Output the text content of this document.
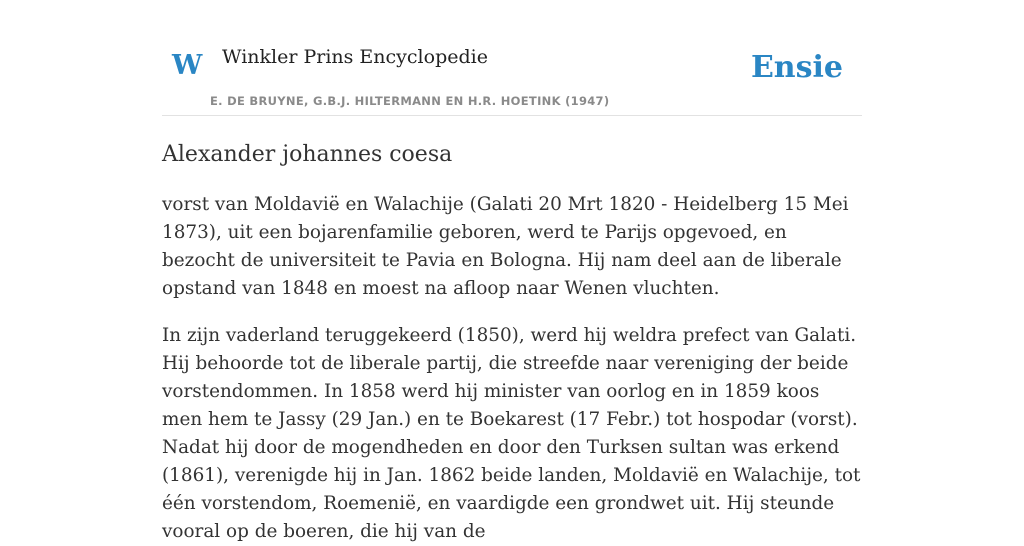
W Winkler Prins Encyclopedie
E. DE BRUYNE, G.B.J. HILTERMANN EN H.R. HOETINK (1947)
Ensie
Alexander johannes coesa

vorst van Moldavië en Walachije (Galati 20 Mrt 1820 - Heidelberg 15 Mei 1873), uit een bojarenfamilie geboren, werd te Parijs opgevoed, en bezocht de universiteit te Pavia en Bologna. Hij nam deel aan de liberale opstand van 1848 en moest na afloop naar Wenen vluchten.

In zijn vaderland teruggekeerd (1850), werd hij weldra prefect van Galati. Hij behoorde tot de liberale partij, die streefde naar vereniging der beide vorstendommen. In 1858 werd hij minister van oorlog en in 1859 koos men hem te Jassy (29 Jan.) en te Boekarest (17 Febr.) tot hospodar (vorst). Nadat hij door de mogendheden en door den Turksen sultan was erkend (1861), verenigde hij in Jan. 1862 beide landen, Moldavië en Walachije, tot één vorstendom, Roemenië, en vaardigde een grondwet uit. Hij steunde vooral op de boeren, die hij van de
